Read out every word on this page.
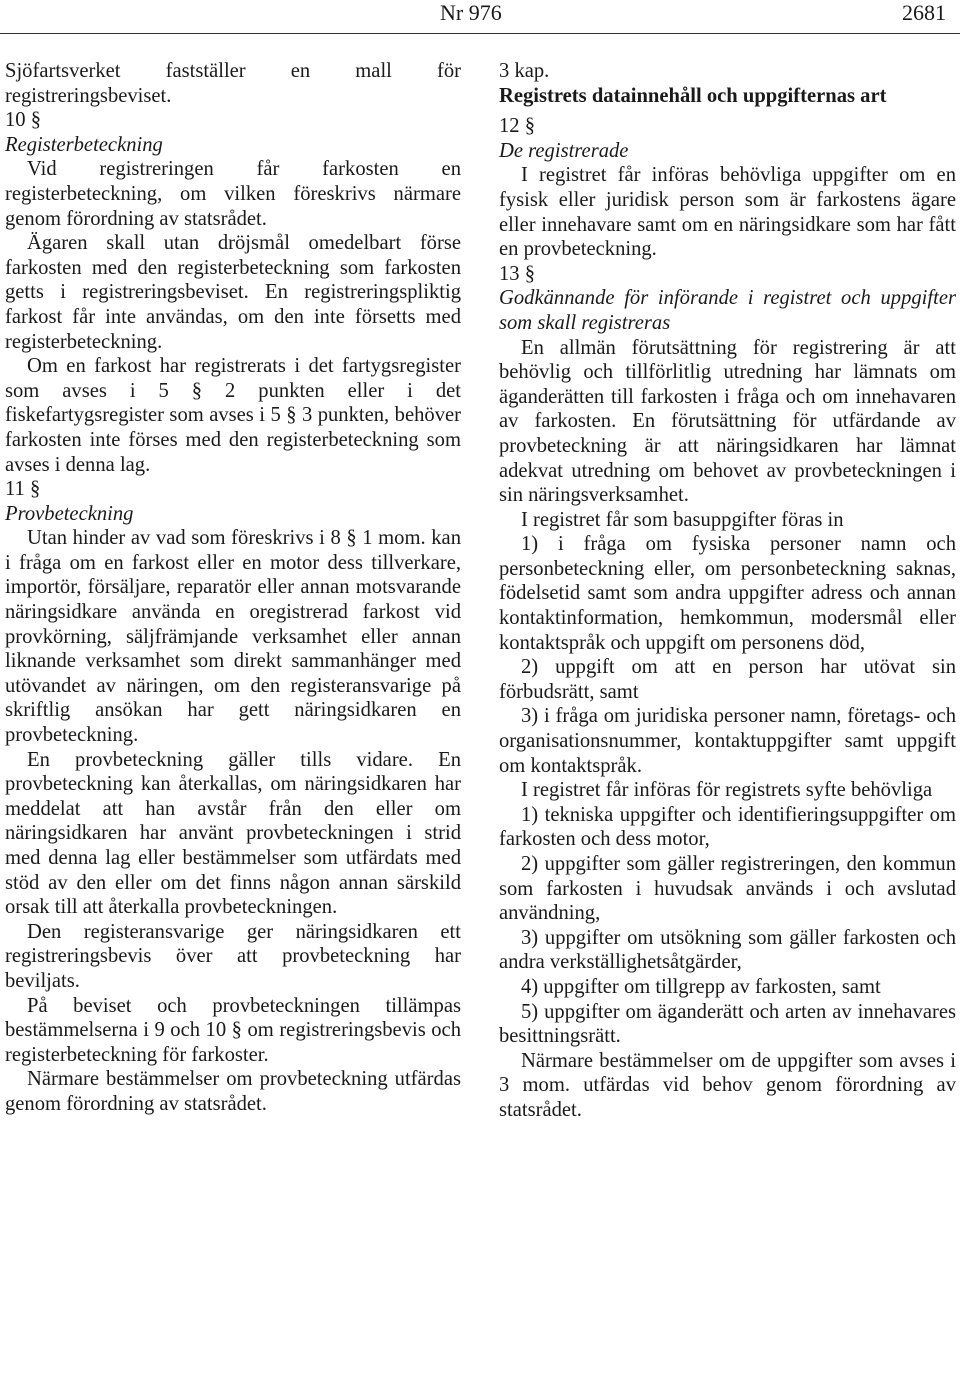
Nr 976	2681

Sjöfartsverket fastställer en mall för registreringsbeviset.

10 §

Registerbeteckning

Vid registreringen får farkosten en registerbeteckning, om vilken föreskrivs närmare genom förordning av statsrådet.

Ägaren skall utan dröjsmål omedelbart förse farkosten med den registerbeteckning som farkosten getts i registreringsbeviset. En registreringspliktig farkost får inte användas, om den inte försetts med registerbeteckning.

Om en farkost har registrerats i det fartygsregister som avses i 5 § 2 punkten eller i det fiskefartygsregister som avses i 5 § 3 punkten, behöver farkosten inte förses med den registerbeteckning som avses i denna lag.

11 §

Provbeteckning

Utan hinder av vad som föreskrivs i 8 § 1 mom. kan i fråga om en farkost eller en motor dess tillverkare, importör, försäljare, reparatör eller annan motsvarande näringsidkare använda en oregistrerad farkost vid provkörning, säljfrämjande verksamhet eller annan liknande verksamhet som direkt sammanhänger med utövandet av näringen, om den registeransvarige på skriftlig ansökan har gett näringsidkaren en provbeteckning.

En provbeteckning gäller tills vidare. En provbeteckning kan återkallas, om näringsidkaren har meddelat att han avstår från den eller om näringsidkaren har använt provbeteckningen i strid med denna lag eller bestämmelser som utfärdats med stöd av den eller om det finns någon annan särskild orsak till att återkalla provbeteckningen.

Den registeransvarige ger näringsidkaren ett registreringsbevis över att provbeteckning har beviljats.

På beviset och provbeteckningen tillämpas bestämmelserna i 9 och 10 § om registreringsbevis och registerbeteckning för farkoster.

Närmare bestämmelser om provbeteckning utfärdas genom förordning av statsrådet.

3 kap.

Registrets datainnehåll och uppgifternas art

12 §

De registrerade

I registret får införas behövliga uppgifter om en fysisk eller juridisk person som är farkostens ägare eller innehavare samt om en näringsidkare som har fått en provbeteckning.

13 §

Godkännande för införande i registret och uppgifter som skall registreras

En allmän förutsättning för registrering är att behövlig och tillförlitlig utredning har lämnats om äganderätten till farkosten i fråga och om innehavaren av farkosten. En förutsättning för utfärdande av provbeteckning är att näringsidkaren har lämnat adekvat utredning om behovet av provbeteckningen i sin näringsverksamhet.

I registret får som basuppgifter föras in

1) i fråga om fysiska personer namn och personbeteckning eller, om personbeteckning saknas, födelsetid samt som andra uppgifter adress och annan kontaktinformation, hemkommun, modersmål eller kontaktspråk och uppgift om personens död,

2) uppgift om att en person har utövat sin förbudsrätt, samt

3) i fråga om juridiska personer namn, företags- och organisationsnummer, kontaktuppgifter samt uppgift om kontaktspråk.

I registret får införas för registrets syfte behövliga

1) tekniska uppgifter och identifieringsuppgifter om farkosten och dess motor,

2) uppgifter som gäller registreringen, den kommun som farkosten i huvudsak används i och avslutad användning,

3) uppgifter om utsökning som gäller farkosten och andra verkställighetsåtgärder,

4) uppgifter om tillgrepp av farkosten, samt

5) uppgifter om äganderätt och arten av innehavares besittningsrätt.

Närmare bestämmelser om de uppgifter som avses i 3 mom. utfärdas vid behov genom förordning av statsrådet.
